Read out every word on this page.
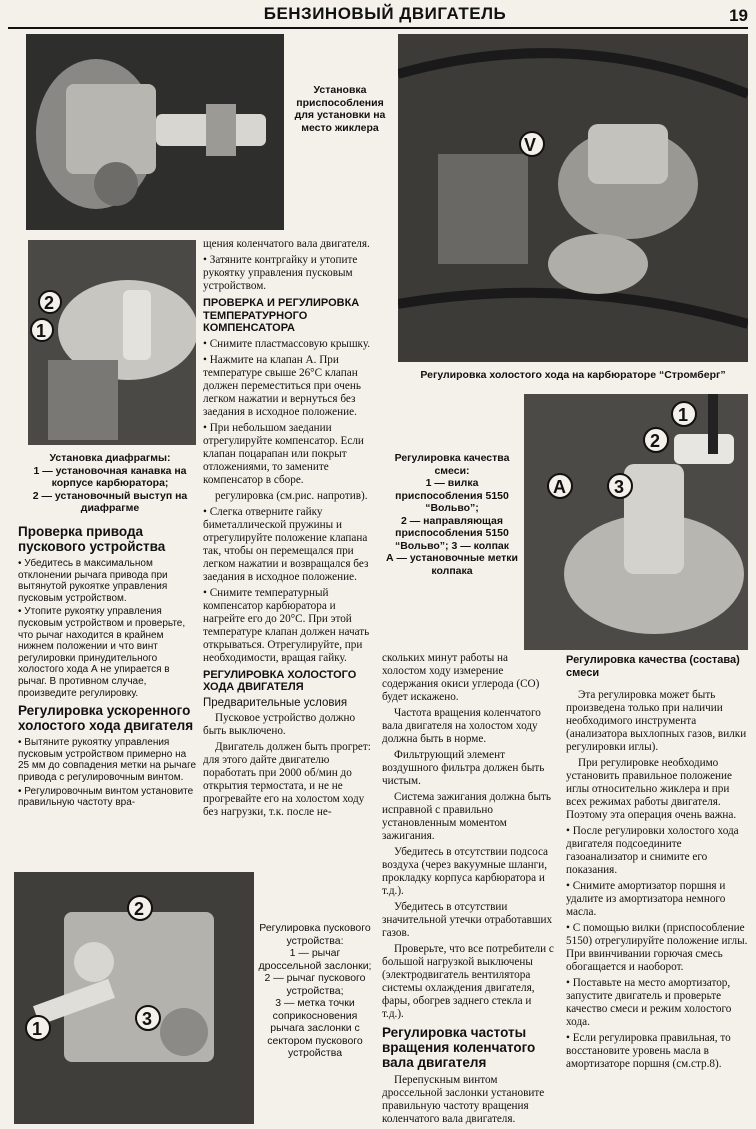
БЕНЗИНОВЫЙ ДВИГАТЕЛЬ	19
Установка приспособления для установки на место жиклера
2
1
Установка диафрагмы:
1 — установочная канавка на корпусе карбюратора;
2 — установочный выступ на диафрагме
Проверка привода пускового устройства

• Убедитесь в максимальном отклонении рычага привода при вытянутой рукоятке управления пусковым устройством.

• Утопите рукоятку управления пусковым устройством и проверьте, что рычаг находится в крайнем нижнем положении и что винт регулировки принудительного холостого хода А не упирается в рычаг. В противном случае, произведите регулировку.

Регулировка ускоренного холостого хода двигателя

• Вытяните рукоятку управления пусковым устройством примерно на 25 мм до совпадения метки на рычаге привода с регулировочным винтом.

• Регулировочным винтом установите правильную частоту вра-

щения коленчатого вала двигателя.

• Затяните контргайку и утопите рукоятку управления пусковым устройством.

ПРОВЕРКА И РЕГУЛИРОВКА ТЕМПЕРАТУРНОГО КОМПЕНСАТОРА

• Снимите пластмассовую крышку.

• Нажмите на клапан А. При температуре свыше 26°С клапан должен переместиться при очень легком нажатии и вернуться без заедания в исходное положение.

• При небольшом заедании отрегулируйте компенсатор. Если клапан поцарапан или покрыт отложениями, то замените компенсатор в сборе.

регулировка (см.рис. напротив).

• Слегка отверните гайку биметаллической пружины и отрегулируйте положение клапана так, чтобы он перемещался при легком нажатии и возвращался без заедания в исходное положение.

• Снимите температурный компенсатор карбюратора и нагрейте его до 20°С. При этой температуре клапан должен начать открываться. Отрегулируйте, при необходимости, вращая гайку.

РЕГУЛИРОВКА ХОЛОСТОГО ХОДА ДВИГАТЕЛЯ
Предварительные условия

Пусковое устройство должно быть выключено.

Двигатель должен быть прогрет: для этого дайте двигателю поработать при 2000 об/мин до открытия термостата, и не не прогревайте его на холостом ходу без нагрузки, т.к. после не-

V
Регулировка холостого хода на карбюраторе “Стромберг”
Регулировка качества смеси:
1 — вилка приспособления 5150 “Вольво”;
2 — направляющая приспособления 5150 “Вольво”; 3 — колпак
А — установочные метки колпака
1
2
A	3

скольких минут работы на холостом ходу измерение содержания окиси углерода (СО) будет искажено.

Частота вращения коленчатого вала двигателя на холостом ходу должна быть в норме.

Фильтрующий элемент воздушного фильтра должен быть чистым.

Система зажигания должна быть исправной с правильно установленным моментом зажигания.

Убедитесь в отсутствии подсоса воздуха (через вакуумные шланги, прокладку корпуса карбюратора и т.д.).

Убедитесь в отсутствии значительной утечки отработавших газов.

Проверьте, что все потребители с большой нагрузкой выключены (электродвигатель вентилятора системы охлаждения двигателя, фары, обогрев заднего стекла и т.д.).

Регулировка частоты вращения коленчатого вала двигателя

Перепускным винтом дроссельной заслонки установите правильную частоту вращения коленчатого вала двигателя.

Регулировка качества (состава) смеси

Эта регулировка может быть произведена только при наличии необходимого инструмента (анализатора выхлопных газов, вилки регулировки иглы).

При регулировке необходимо установить правильное положение иглы относительно жиклера и при всех режимах работы двигателя. Поэтому эта операция очень важна.

• После регулировки холостого хода двигателя подсоедините газоанализатор и снимите его показания.

• Снимите амортизатор поршня и удалите из амортизатора немного масла.

• С помощью вилки (приспособление 5150) отрегулируйте положение иглы. При ввинчивании горючая смесь обогащается и наоборот.

• Поставьте на место амортизатор, запустите двигатель и проверьте качество смеси и режим холостого хода.

• Если регулировка правильная, то восстановите уровень масла в амортизаторе поршня (см.стр.8).

2
1	3
Регулировка пускового устройства:
1 — рычаг дроссельной заслонки;
2 — рычаг пускового устройства;
3 — метка точки соприкосновения рычага заслонки с сектором пускового устройства
